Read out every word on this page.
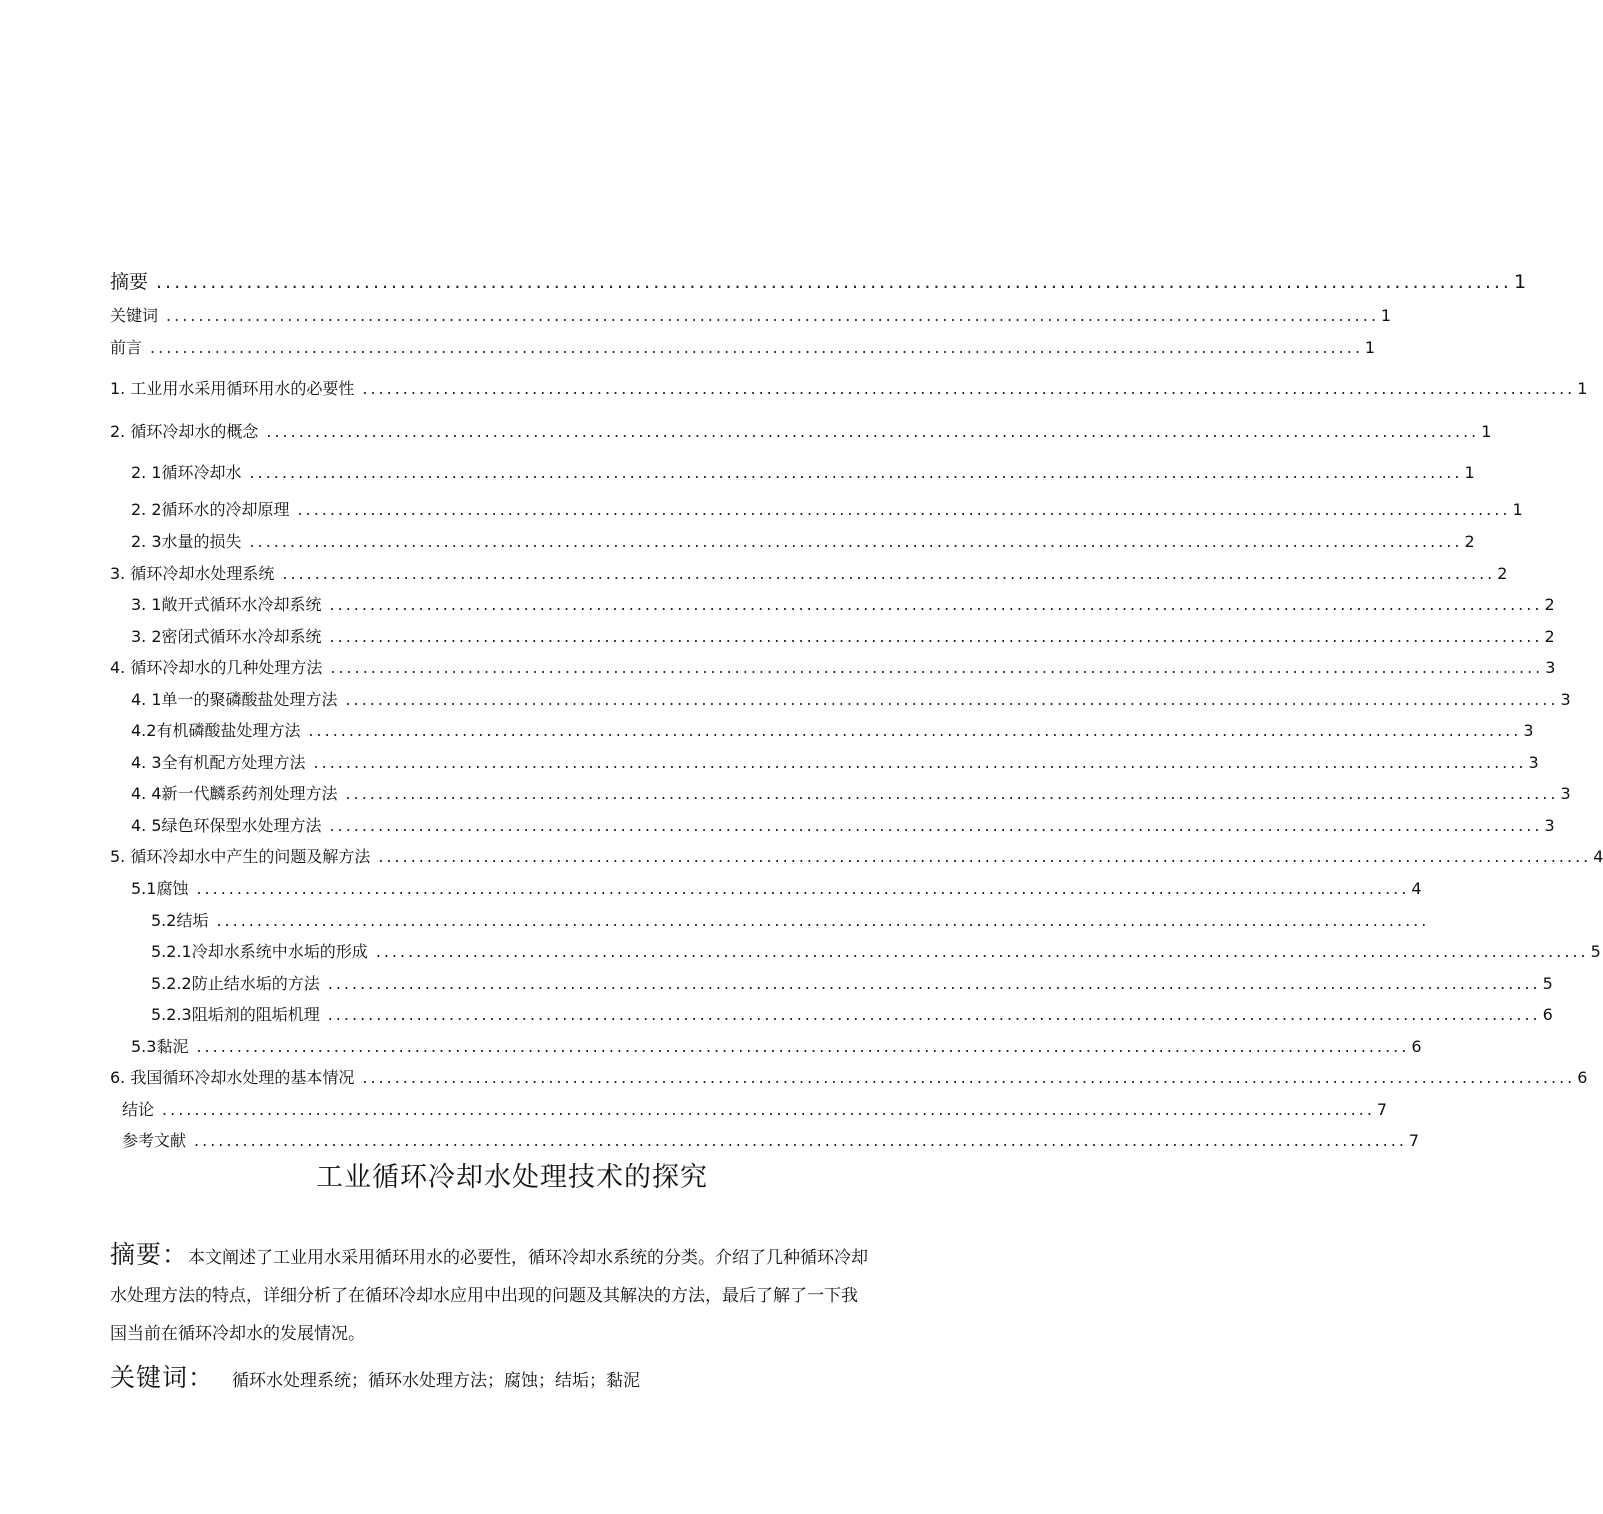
摘要 ...................................................................................................................................................... 1
关键词 ...................................................................................................................................................... 1
前言 ...................................................................................................................................................... 1
1. 工业用水采用循环用水的必要性 ...................................................................................................................................................... 1
2. 循环冷却水的概念 ...................................................................................................................................................... 1
2. 1循环冷却水 ...................................................................................................................................................... 1
2. 2循环水的冷却原理 ...................................................................................................................................................... 1
2. 3水量的损失 ...................................................................................................................................................... 2
3. 循环冷却水处理系统 ...................................................................................................................................................... 2
3. 1敞开式循环水冷却系统 ...................................................................................................................................................... 2
3. 2密闭式循环水冷却系统 ...................................................................................................................................................... 2
4. 循环冷却水的几种处理方法 ...................................................................................................................................................... 3
4. 1单一的聚磷酸盐处理方法 ...................................................................................................................................................... 3
4.2有机磷酸盐处理方法 ...................................................................................................................................................... 3
4. 3全有机配方处理方法 ...................................................................................................................................................... 3
4. 4新一代麟系药剂处理方法 ...................................................................................................................................................... 3
4. 5绿色环保型水处理方法 ...................................................................................................................................................... 3
5. 循环冷却水中产生的问题及解方法 ...................................................................................................................................................... 4
5.1腐蚀 ...................................................................................................................................................... 4
5.2结垢 ......................................................................................................................................................
5.2.1冷却水系统中水垢的形成 ...................................................................................................................................................... 5
5.2.2防止结水垢的方法 ...................................................................................................................................................... 5
5.2.3阻垢剂的阻垢机理 ...................................................................................................................................................... 6
5.3黏泥 ...................................................................................................................................................... 6
6. 我国循环冷却水处理的基本情况 ...................................................................................................................................................... 6
结论 ...................................................................................................................................................... 7
参考文献 ...................................................................................................................................................... 7
工业循环冷却水处理技术的探究
摘要：本文阐述了工业用水采用循环用水的必要性，循环冷却水系统的分类。介绍了几种循环冷却水处理方法的特点，详细分析了在循环冷却水应用中出现的问题及其解决的方法，最后了解了一下我国当前在循环冷却水的发展情况。
关键词： 循环水处理系统；循环水处理方法；腐蚀；结垢；黏泥
